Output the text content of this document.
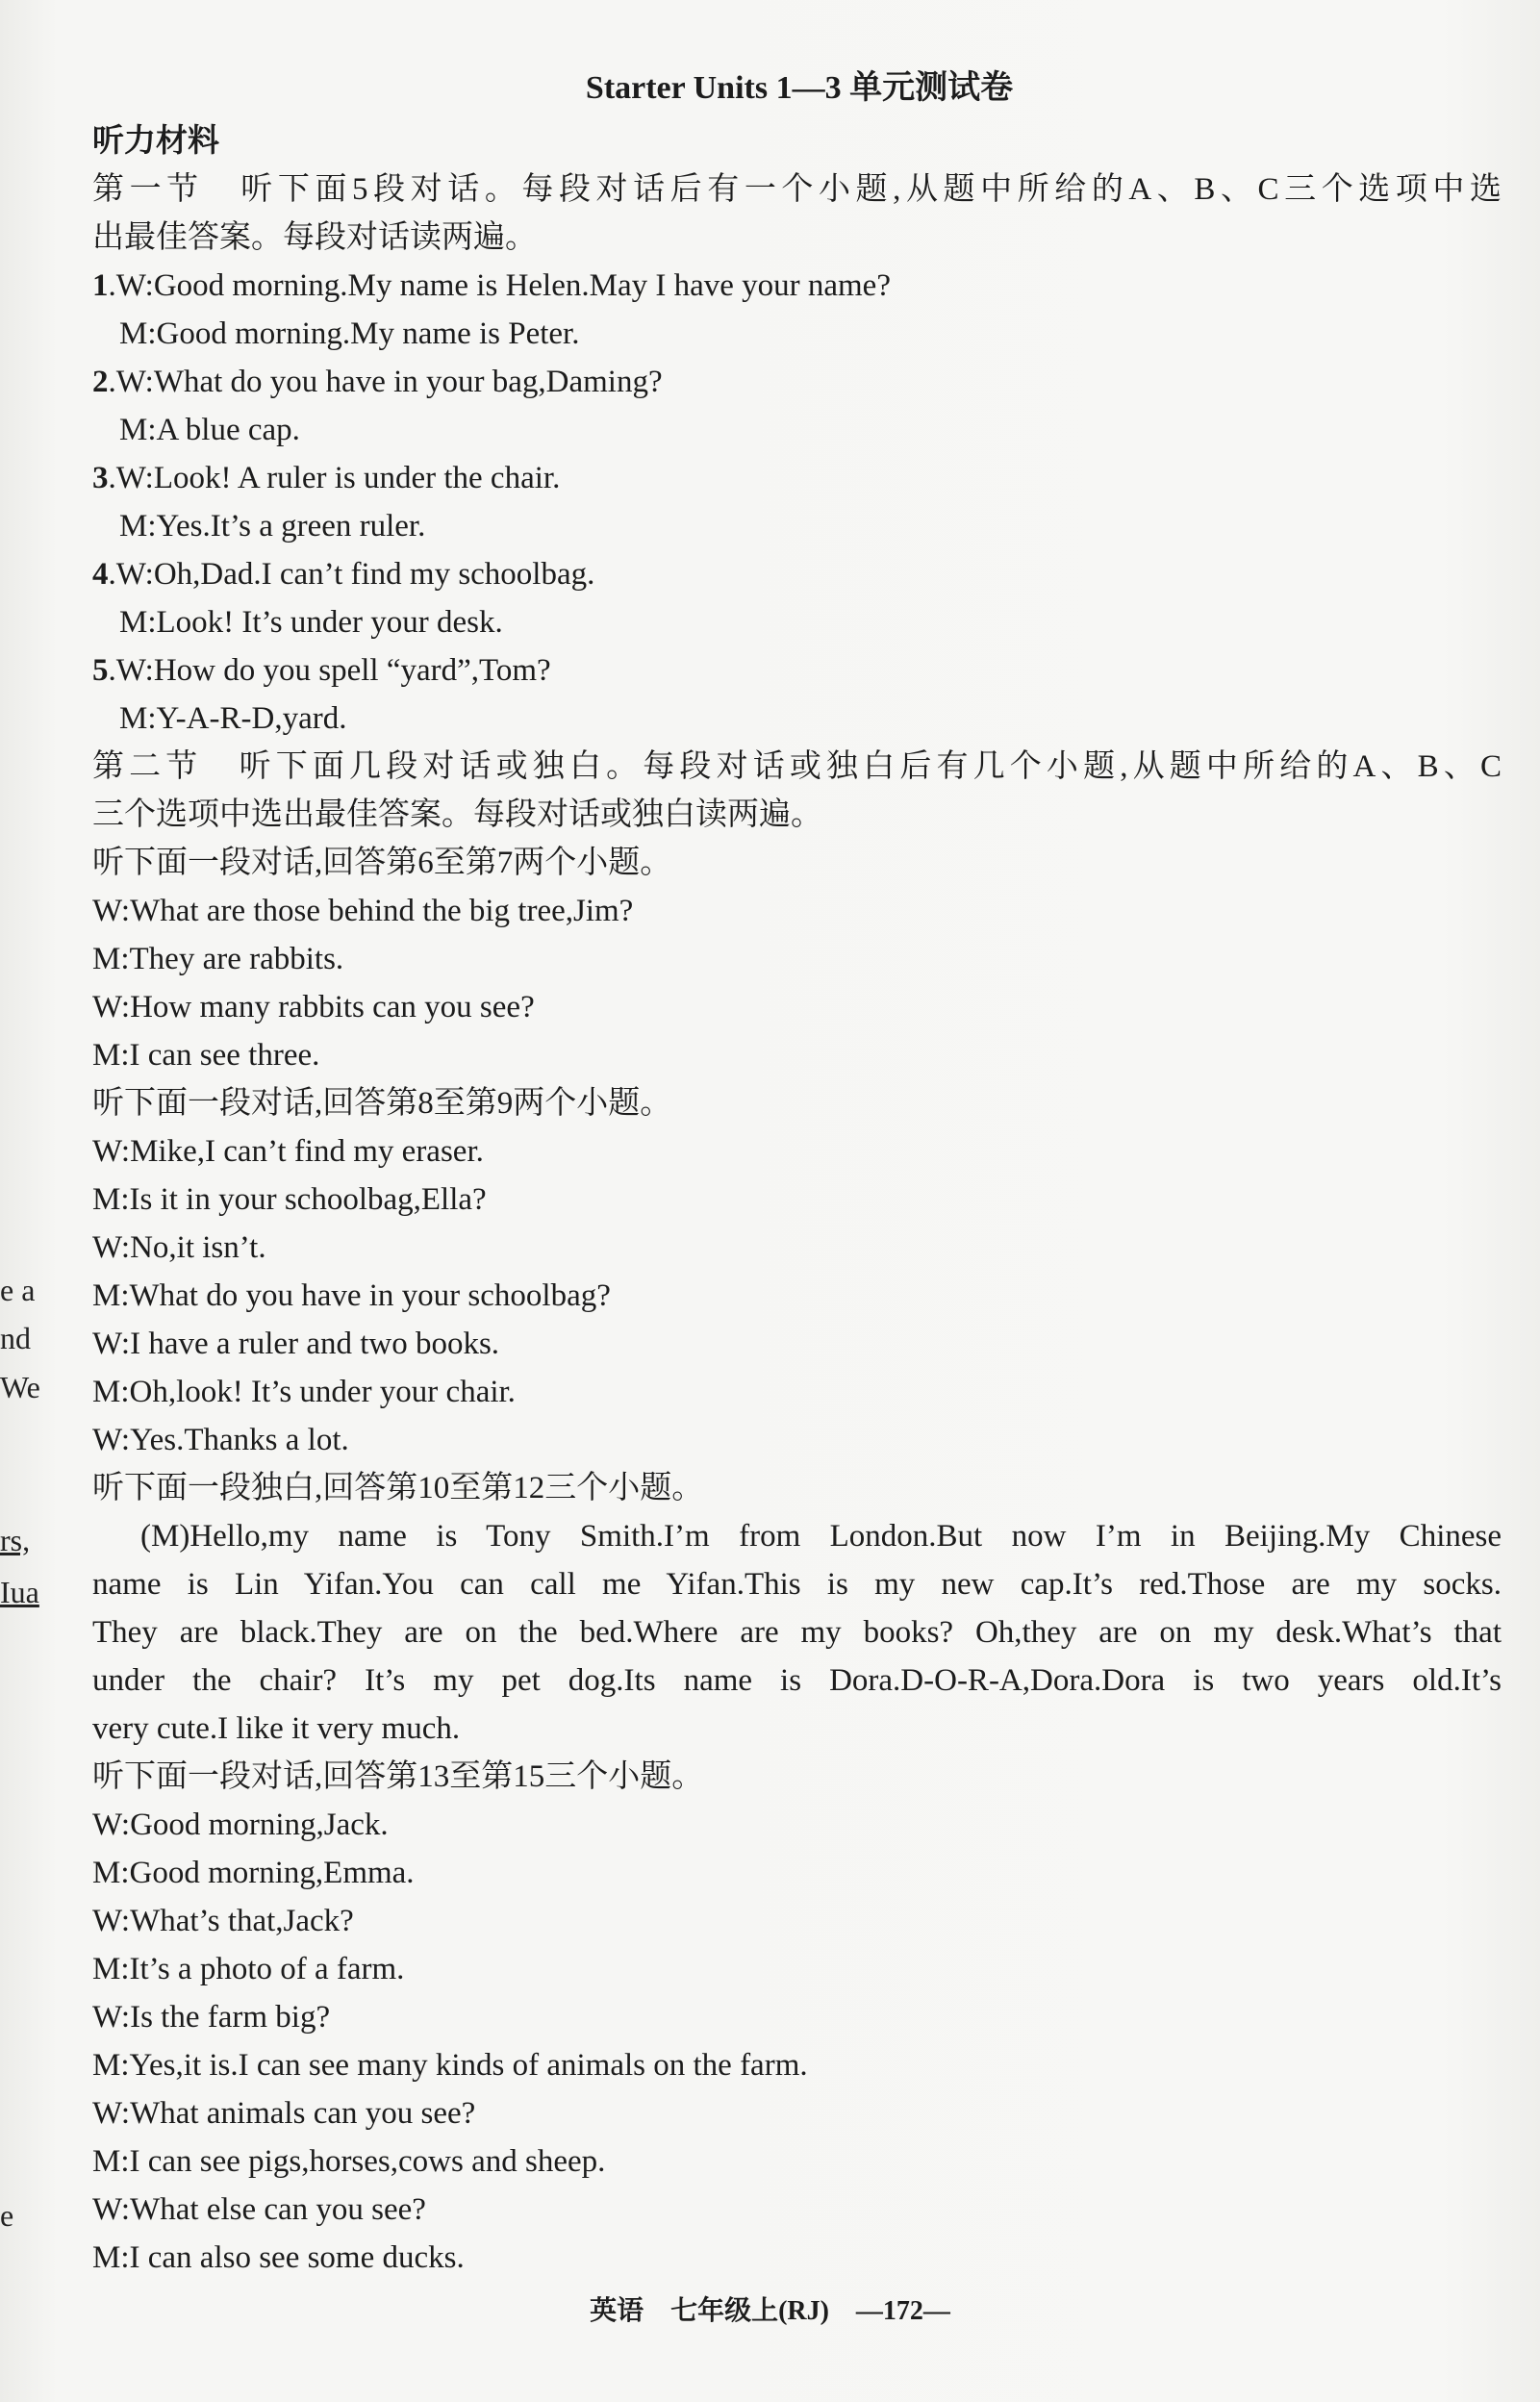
e a
nd
We
rs,
Iua
e
Starter Units 1—3 单元测试卷
听力材料
第一节　听下面5段对话。每段对话后有一个小题,从题中所给的A、B、C三个选项中选
出最佳答案。每段对话读两遍。
1.W:Good morning.My name is Helen.May I have your name?
M:Good morning.My name is Peter.
2.W:What do you have in your bag,Daming?
M:A blue cap.
3.W:Look! A ruler is under the chair.
M:Yes.It’s a green ruler.
4.W:Oh,Dad.I can’t find my schoolbag.
M:Look! It’s under your desk.
5.W:How do you spell “yard”,Tom?
M:Y-A-R-D,yard.
第二节　听下面几段对话或独白。每段对话或独白后有几个小题,从题中所给的A、B、C
三个选项中选出最佳答案。每段对话或独白读两遍。
听下面一段对话,回答第6至第7两个小题。
W:What are those behind the big tree,Jim?
M:They are rabbits.
W:How many rabbits can you see?
M:I can see three.
听下面一段对话,回答第8至第9两个小题。
W:Mike,I can’t find my eraser.
M:Is it in your schoolbag,Ella?
W:No,it isn’t.
M:What do you have in your schoolbag?
W:I have a ruler and two books.
M:Oh,look! It’s under your chair.
W:Yes.Thanks a lot.
听下面一段独白,回答第10至第12三个小题。
(M)Hello,my name is Tony Smith.I’m from London.But now I’m in Beijing.My Chinese
name is Lin Yifan.You can call me Yifan.This is my new cap.It’s red.Those are my socks.
They are black.They are on the bed.Where are my books? Oh,they are on my desk.What’s that
under the chair? It’s my pet dog.Its name is Dora.D-O-R-A,Dora.Dora is two years old.It’s
very cute.I like it very much.
听下面一段对话,回答第13至第15三个小题。
W:Good morning,Jack.
M:Good morning,Emma.
W:What’s that,Jack?
M:It’s a photo of a farm.
W:Is the farm big?
M:Yes,it is.I can see many kinds of animals on the farm.
W:What animals can you see?
M:I can see pigs,horses,cows and sheep.
W:What else can you see?
M:I can also see some ducks.
英语　七年级上(RJ)　—172—
